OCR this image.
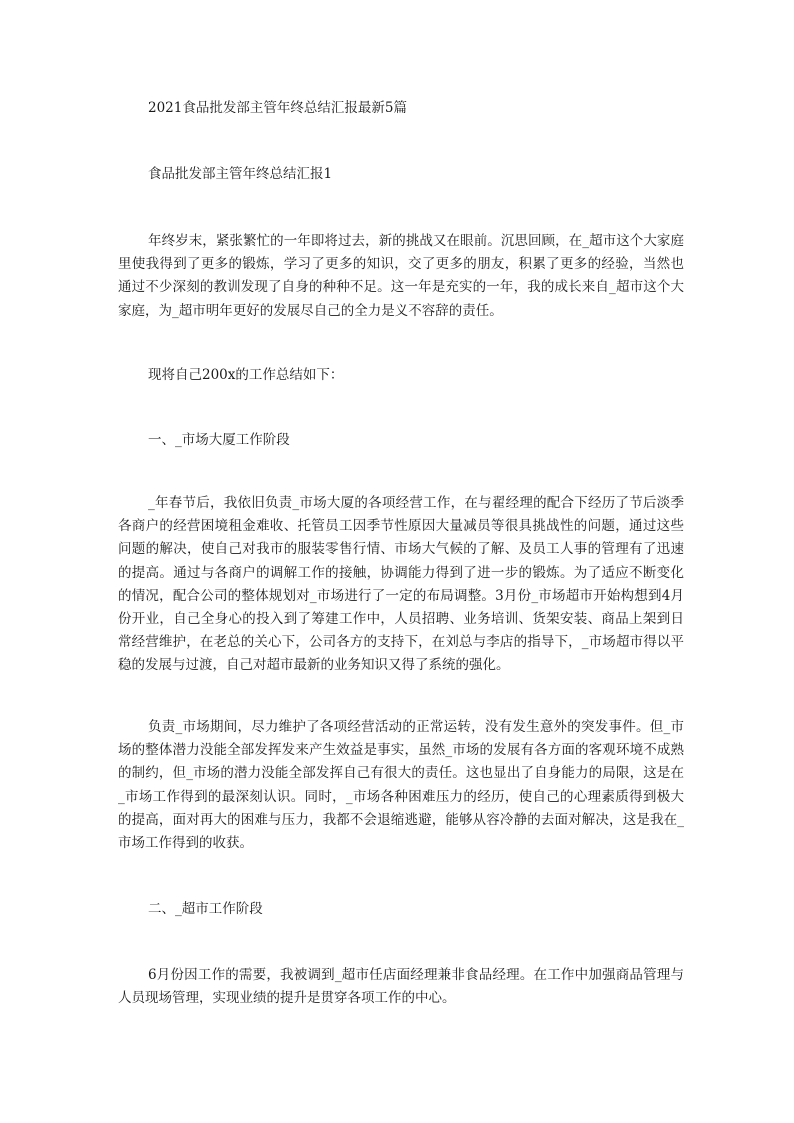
2021食品批发部主管年终总结汇报最新5篇
食品批发部主管年终总结汇报1

年终岁末，紧张繁忙的一年即将过去，新的挑战又在眼前。沉思回顾，在_超市这个大家庭里使我得到了更多的锻炼，学习了更多的知识，交了更多的朋友，积累了更多的经验，当然也通过不少深刻的教训发现了自身的种种不足。这一年是充实的一年，我的成长来自_超市这个大家庭，为_超市明年更好的发展尽自己的全力是义不容辞的责任。

现将自己200x的工作总结如下：
一、_市场大厦工作阶段

_年春节后，我依旧负责_市场大厦的各项经营工作，在与翟经理的配合下经历了节后淡季各商户的经营困境租金难收、托管员工因季节性原因大量减员等很具挑战性的问题，通过这些问题的解决，使自己对我市的服装零售行情、市场大气候的了解、及员工人事的管理有了迅速的提高。通过与各商户的调解工作的接触，协调能力得到了进一步的锻炼。为了适应不断变化的情况，配合公司的整体规划对_市场进行了一定的布局调整。3月份_市场超市开始构想到4月份开业，自己全身心的投入到了筹建工作中，人员招聘、业务培训、货架安装、商品上架到日常经营维护，在老总的关心下，公司各方的支持下，在刘总与李店的指导下，_市场超市得以平稳的发展与过渡，自己对超市最新的业务知识又得了系统的强化。

负责_市场期间，尽力维护了各项经营活动的正常运转，没有发生意外的突发事件。但_市场的整体潜力没能全部发挥发来产生效益是事实，虽然_市场的发展有各方面的客观环境不成熟的制约，但_市场的潜力没能全部发挥自己有很大的责任。这也显出了自身能力的局限，这是在_市场工作得到的最深刻认识。同时，_市场各种困难压力的经历，使自己的心理素质得到极大的提高，面对再大的困难与压力，我都不会退缩逃避，能够从容冷静的去面对解决，这是我在_市场工作得到的收获。

二、_超市工作阶段

6月份因工作的需要，我被调到_超市任店面经理兼非食品经理。在工作中加强商品管理与人员现场管理，实现业绩的提升是贯穿各项工作的中心。
